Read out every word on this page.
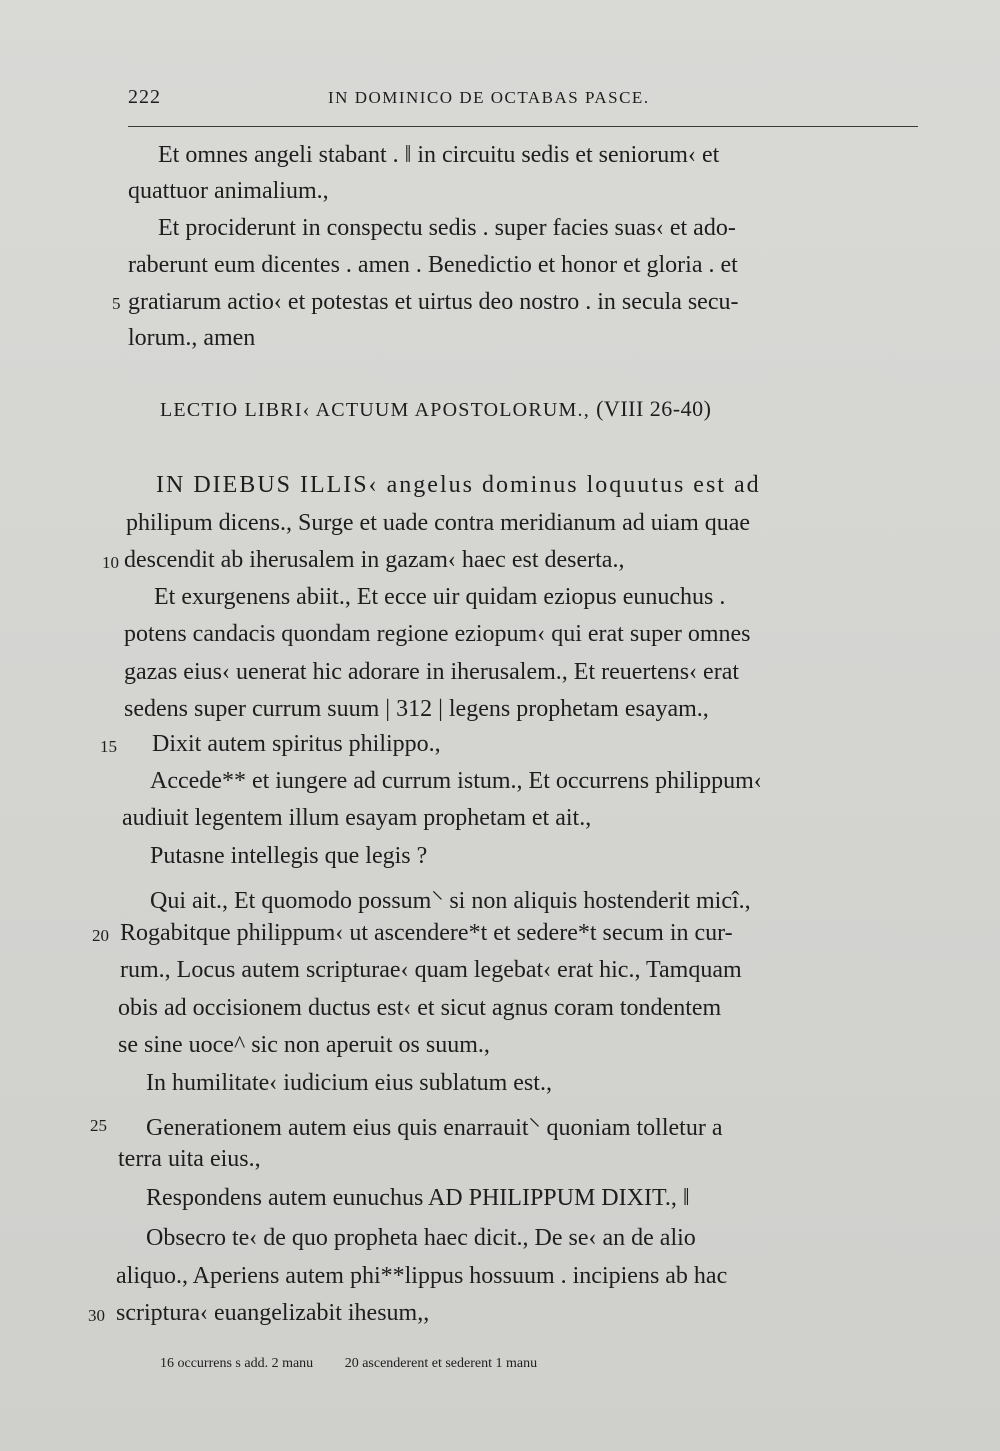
222	IN DOMINICO DE OCTABAS PASCE.
Et omnes angeli stabant . ‖ in circuitu sedis et seniorum‹ et
quattuor animalium.,
Et prociderunt in conspectu sedis . super facies suas‹ et ado-
raberunt eum dicentes . amen . Benedictio et honor et gloria . et
5 gratiarum actio‹ et potestas et uirtus deo nostro . in secula secu-
lorum., amen
LECTIO LIBRI‹ ACTUUM APOSTOLORUM., (VIII 26-40)
IN DIEBUS ILLIS‹ angelus dominus loquutus est ad
philipum dicens., Surge et uade contra meridianum ad uiam quae
10 descendit ab iherusalem in gazam‹ haec est deserta.,
Et exurgenens abiit., Et ecce uir quidam eziopus eunuchus .
potens candacis quondam regione eziopum‹ qui erat super omnes
gazas eius‹ uenerat hic adorare in iherusalem., Et reuertens‹ erat
sedens super currum suum | 312 | legens prophetam esayam.,
15 Dixit autem spiritus philippo.,
Accede** et iungere ad currum istum., Et occurrens philippum‹
audiuit legentem illum esayam prophetam et ait.,
Putasne intellegis que legis ?
Qui ait., Et quomodo possum⸌ si non aliquis hostenderit micî.,
20 Rogabitque philippum‹ ut ascendere*t et sedere*t secum in cur-
rum., Locus autem scripturae‹ quam legebat‹ erat hic., Tamquam
obis ad occisionem ductus est‹ et sicut agnus coram tondentem
se sine uoce^ sic non aperuit os suum.,
In humilitate‹ iudicium eius sublatum est.,
25 Generationem autem eius quis enarrauit⸌ quoniam tolletur a
terra uita eius.,
Respondens autem eunuchus AD PHILIPPUM DIXIT., ‖
Obsecro te‹ de quo propheta haec dicit., De se‹ an de alio
aliquo., Aperiens autem phi**lippus hossuum . incipiens ab hac
30 scriptura‹ euangelizabit ihesum,,
16 occurrens s add. 2 manu 20 ascenderent et sederent 1 manu
